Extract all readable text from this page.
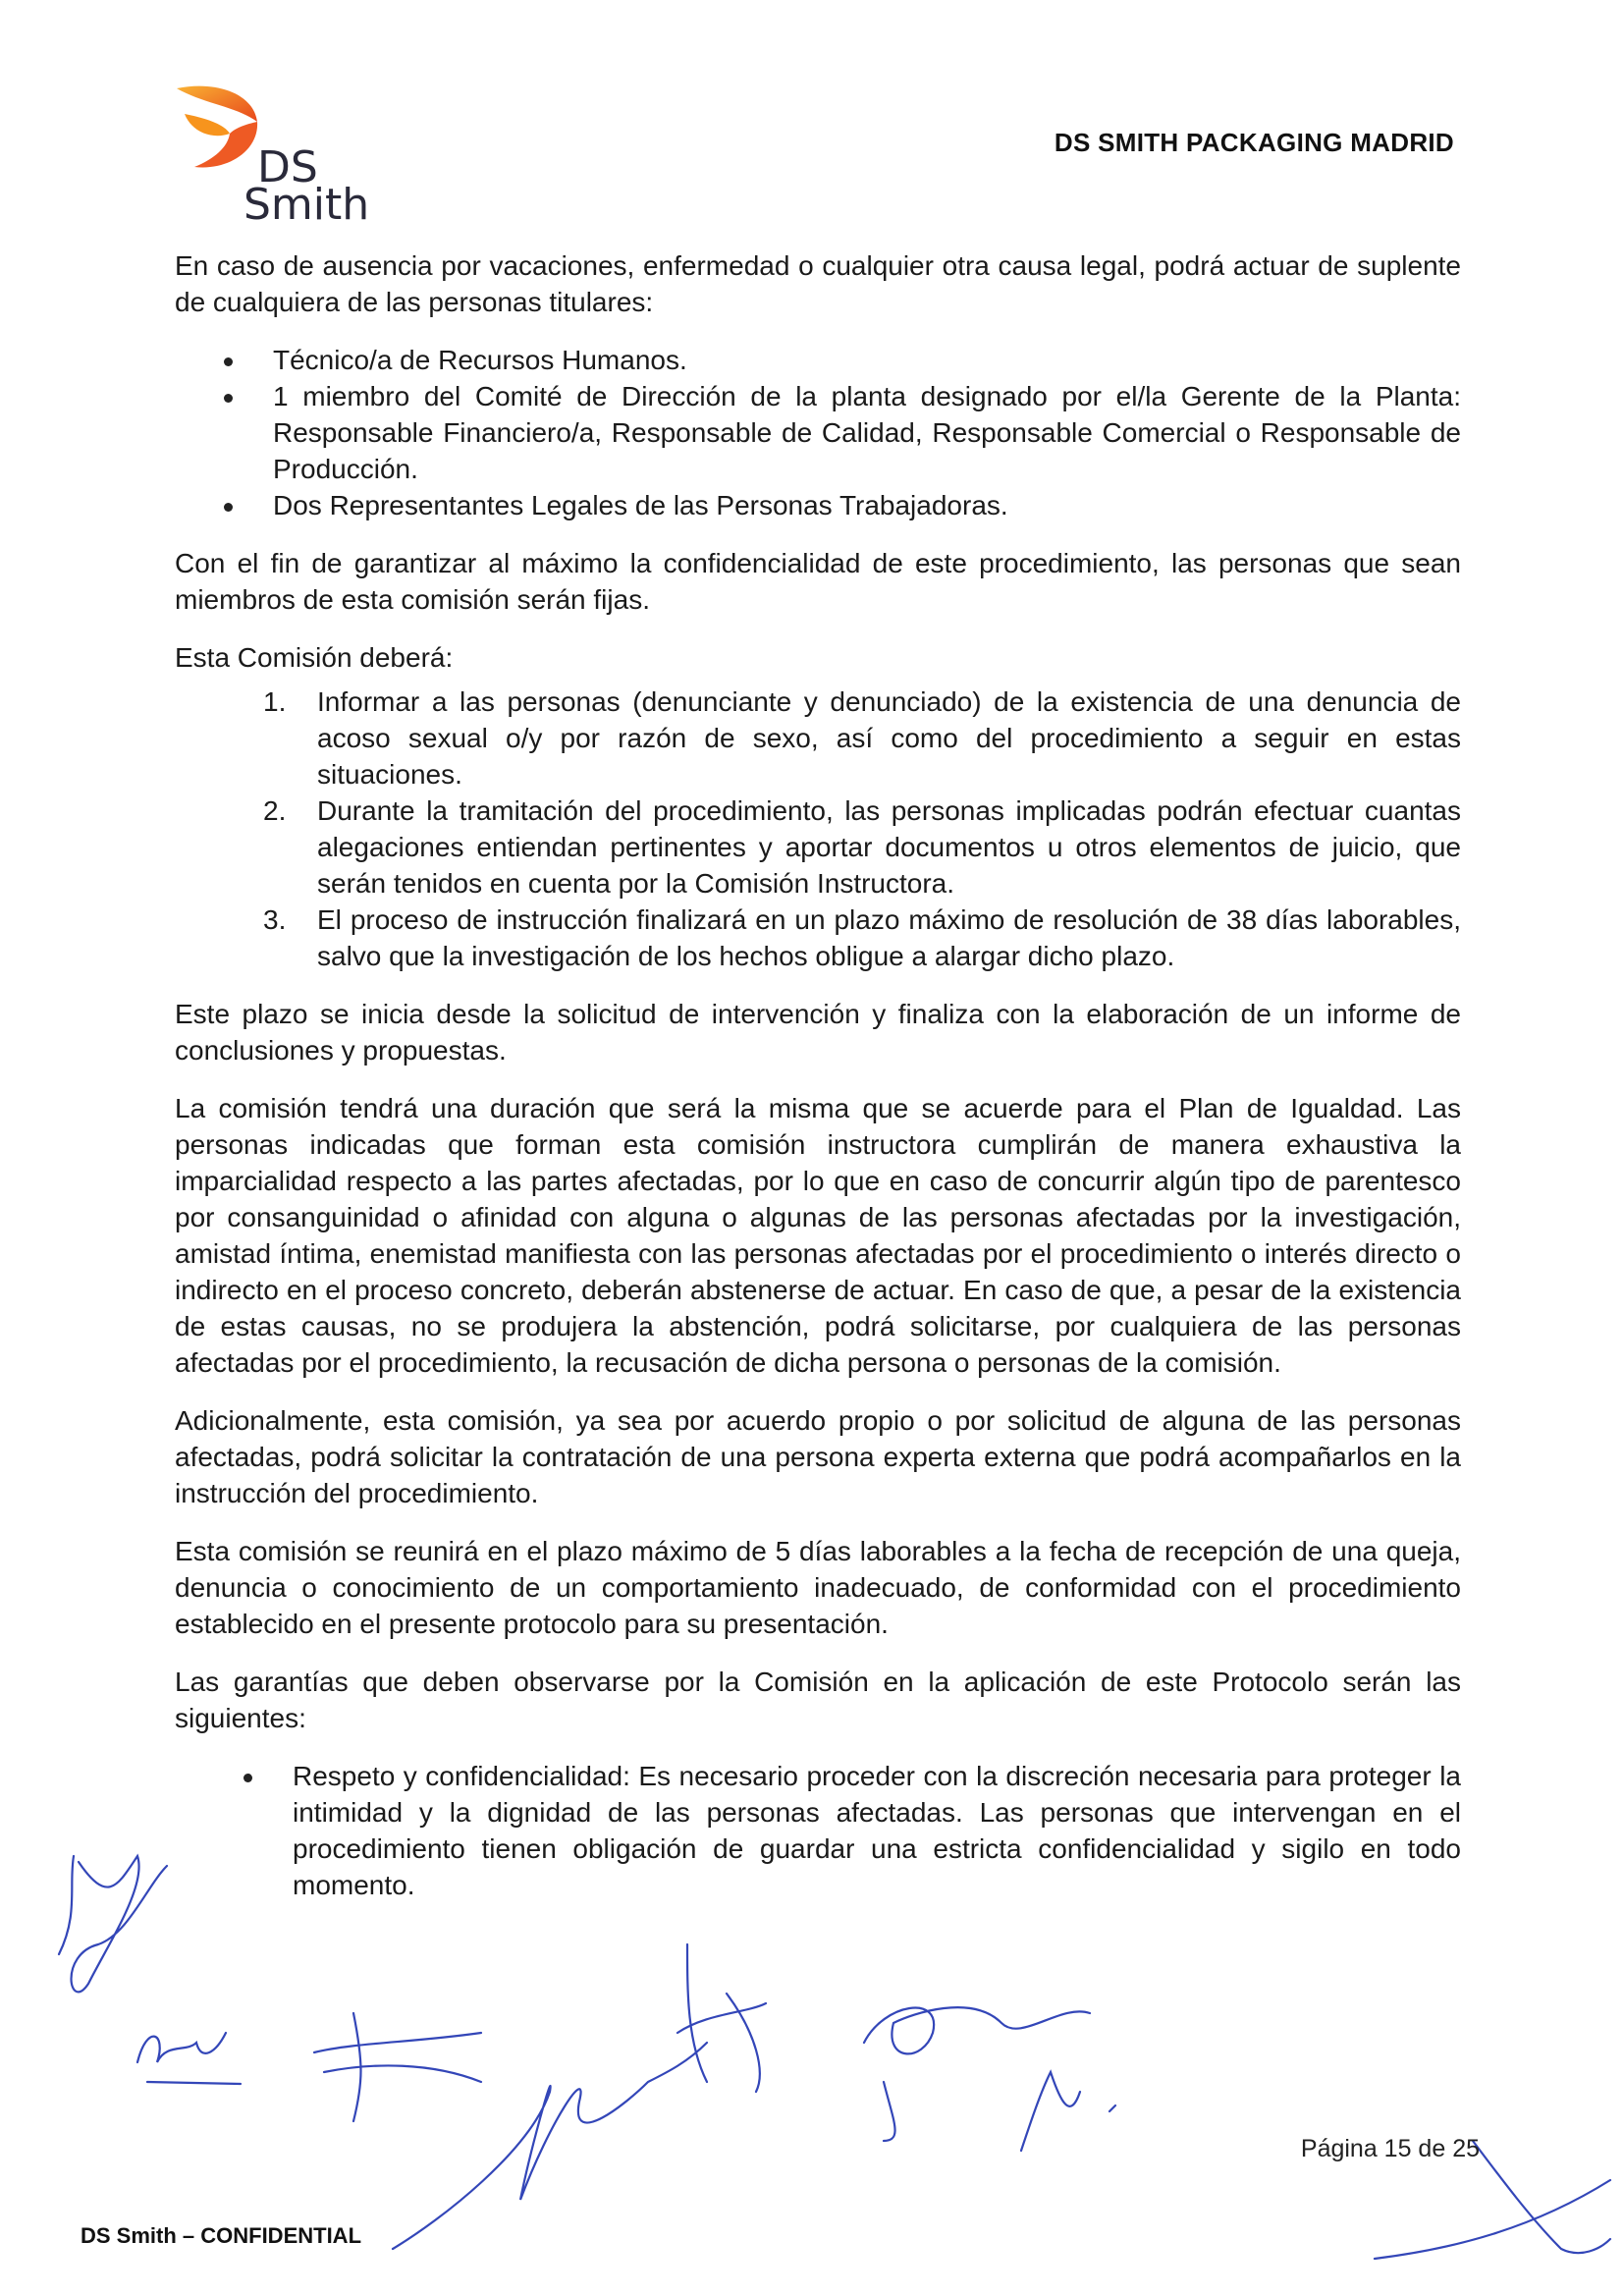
DS
Smith
DS SMITH PACKAGING MADRID

En caso de ausencia por vacaciones, enfermedad o cualquier otra causa legal, podrá actuar de suplente de cualquiera de las personas titulares:

Técnico/a de Recursos Humanos.
1 miembro del Comité de Dirección de la planta designado por el/la Gerente de la Planta: Responsable Financiero/a, Responsable de Calidad, Responsable Comercial o Responsable de Producción.
Dos Representantes Legales de las Personas Trabajadoras.

Con el fin de garantizar al máximo la confidencialidad de este procedimiento, las personas que sean miembros de esta comisión serán fijas.

Esta Comisión deberá:

1. Informar a las personas (denunciante y denunciado) de la existencia de una denuncia de acoso sexual o/y por razón de sexo, así como del procedimiento a seguir en estas situaciones.
2. Durante la tramitación del procedimiento, las personas implicadas podrán efectuar cuantas alegaciones entiendan pertinentes y aportar documentos u otros elementos de juicio, que serán tenidos en cuenta por la Comisión Instructora.
3. El proceso de instrucción finalizará en un plazo máximo de resolución de 38 días laborables, salvo que la investigación de los hechos obligue a alargar dicho plazo.

Este plazo se inicia desde la solicitud de intervención y finaliza con la elaboración de un informe de conclusiones y propuestas.

La comisión tendrá una duración que será la misma que se acuerde para el Plan de Igualdad. Las personas indicadas que forman esta comisión instructora cumplirán de manera exhaustiva la imparcialidad respecto a las partes afectadas, por lo que en caso de concurrir algún tipo de parentesco por consanguinidad o afinidad con alguna o algunas de las personas afectadas por la investigación, amistad íntima, enemistad manifiesta con las personas afectadas por el procedimiento o interés directo o indirecto en el proceso concreto, deberán abstenerse de actuar. En caso de que, a pesar de la existencia de estas causas, no se produjera la abstención, podrá solicitarse, por cualquiera de las personas afectadas por el procedimiento, la recusación de dicha persona o personas de la comisión.

Adicionalmente, esta comisión, ya sea por acuerdo propio o por solicitud de alguna de las personas afectadas, podrá solicitar la contratación de una persona experta externa que podrá acompañarlos en la instrucción del procedimiento.

Esta comisión se reunirá en el plazo máximo de 5 días laborables a la fecha de recepción de una queja, denuncia o conocimiento de un comportamiento inadecuado, de conformidad con el procedimiento establecido en el presente protocolo para su presentación.

Las garantías que deben observarse por la Comisión en la aplicación de este Protocolo serán las siguientes:

Respeto y confidencialidad: Es necesario proceder con la discreción necesaria para proteger la intimidad y la dignidad de las personas afectadas. Las personas que intervengan en el procedimiento tienen obligación de guardar una estricta confidencialidad y sigilo en todo momento.
Página 15 de 25
DS Smith – CONFIDENTIAL
